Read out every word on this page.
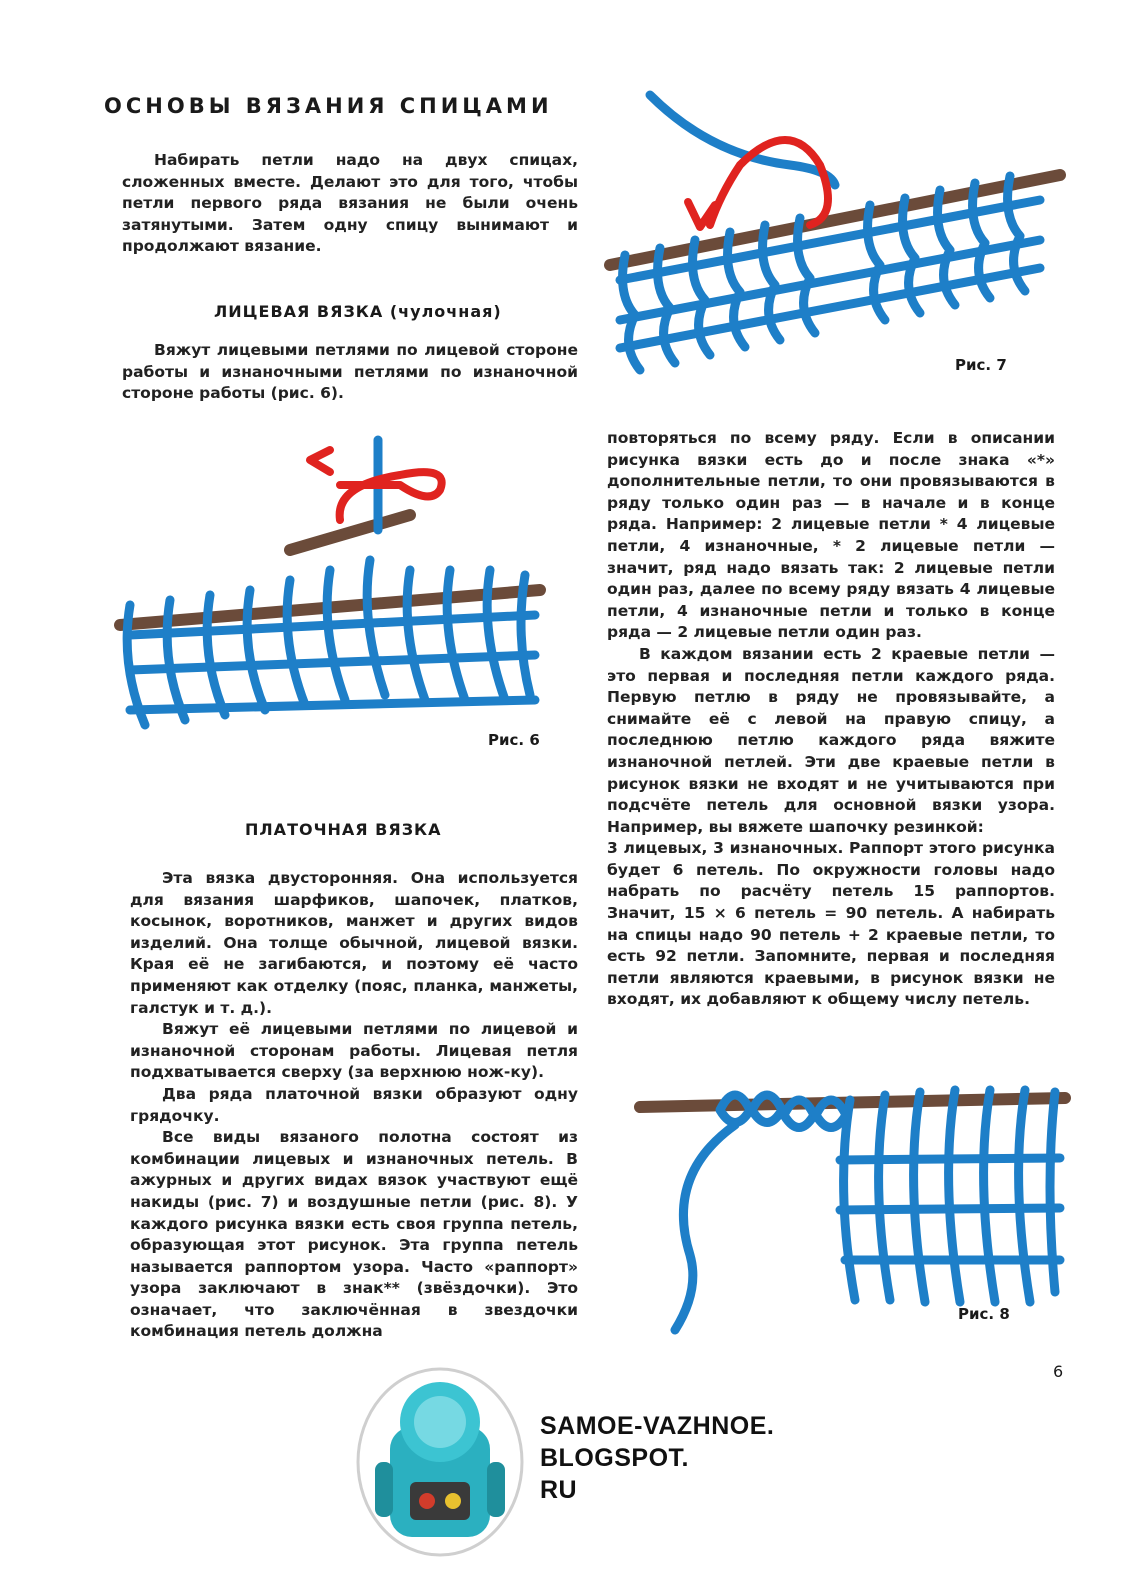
ОСНОВЫ ВЯЗАНИЯ СПИЦАМИ

Набирать петли надо на двух спицах, сложенных вместе. Делают это для того, чтобы петли первого ряда вязания не были очень затянутыми. Затем одну спицу вынимают и продолжают вязание.

ЛИЦЕВАЯ ВЯЗКА (чулочная)

Вяжут лицевыми петлями по лицевой стороне работы и изнаночными петлями по изнаночной стороне работы (рис. 6).

Рис. 7
Рис. 6
ПЛАТОЧНАЯ ВЯЗКА

Эта вязка двусторонняя. Она используется для вязания шарфиков, шапочек, платков, косынок, воротников, манжет и других видов изделий. Она толще обычной, лицевой вязки. Края её не загибаются, и поэтому её часто применяют как отделку (пояс, планка, манжеты, галстук и т. д.).

Вяжут её лицевыми петлями по лицевой и изнаночной сторонам работы. Лицевая петля подхватывается сверху (за верхнюю нож-ку).

Два ряда платочной вязки образуют одну грядочку.

Все виды вязаного полотна состоят из комбинации лицевых и изнаночных петель. В ажурных и других видах вязок участвуют ещё накиды (рис. 7) и воздушные петли (рис. 8). У каждого рисунка вязки есть своя группа петель, образующая этот рисунок. Эта группа петель называется раппортом узора. Часто «раппорт» узора заключают в знак** (звёздочки). Это означает, что заключённая в звездочки комбинация петель должна

повторяться по всему ряду. Если в описании рисунка вязки есть до и после знака «*» дополнительные петли, то они провязываются в ряду только один раз — в начале и в конце ряда. Например: 2 лицевые петли * 4 лицевые петли, 4 изнаночные, * 2 лицевые петли — значит, ряд надо вязать так: 2 лицевые петли один раз, далее по всему ряду вязать 4 лицевые петли, 4 изнаночные петли и только в конце ряда — 2 лицевые петли один раз.

В каждом вязании есть 2 краевые петли — это первая и последняя петли каждого ряда. Первую петлю в ряду не провязывайте, а снимайте её с левой на правую спицу, а последнюю петлю каждого ряда вяжите изнаночной петлей. Эти две краевые петли в рисунок вязки не входят и не учитываются при подсчёте петель для основной вязки узора. Например, вы вяжете шапочку резинкой:

3 лицевых, 3 изнаночных. Раппорт этого рисунка будет 6 петель. По окружности головы надо набрать по расчёту петель 15 раппортов. Значит, 15 × 6 петель = 90 петель. А набирать на спицы надо 90 петель + 2 краевые петли, то есть 92 петли. Запомните, первая и последняя петли являются краевыми, в рисунок вязки не входят, их добавляют к общему числу петель.

Рис. 8
6
SAMOE-VAZHNOE.
BLOGSPOT.
RU
